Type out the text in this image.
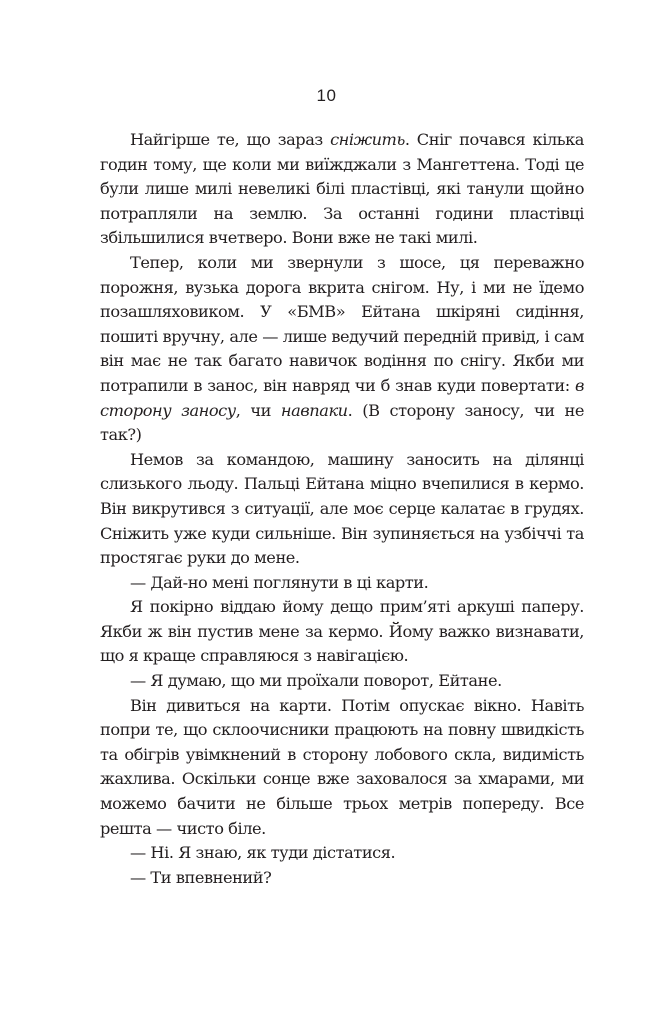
10

Найгірше те, що зараз сніжить. Сніг почався кілька годин тому, ще коли ми виїжджали з Мангеттена. Тоді це були лише милі невеликі білі пластівці, які танули щойно потрапляли на землю. За останні години пластівці збільшилися вчетверо. Вони вже не такі милі.

Тепер, коли ми звернули з шосе, ця переважно порожня, вузька дорога вкрита снігом. Ну, і ми не їдемо позашляховиком. У «БМВ» Ейтана шкіряні сидіння, пошиті вручну, але — лише ведучий передній привід, і сам він має не так багато навичок водіння по снігу. Якби ми потрапили в занос, він навряд чи б знав куди повертати: в сторону заносу, чи навпаки. (В сторону заносу, чи не так?)

Немов за командою, машину заносить на ділянці слизького льоду. Пальці Ейтана міцно вчепилися в кермо. Він викрутився з ситуації, але моє серце калатає в грудях. Сніжить уже куди сильніше. Він зупиняється на узбіччі та простягає руки до мене.

— Дай-но мені поглянути в ці карти.

Я покірно віддаю йому дещо прим’яті аркуші паперу. Якби ж він пустив мене за кермо. Йому важко визнавати, що я краще справляюся з навігацією.

— Я думаю, що ми проїхали поворот, Ейтане.

Він дивиться на карти. Потім опускає вікно. Навіть попри те, що склоочисники працюють на повну швидкість та обігрів увімкнений в сторону лобового скла, видимість жахлива. Оскільки сонце вже заховалося за хмарами, ми можемо бачити не більше трьох метрів попереду. Все решта — чисто біле.

— Ні. Я знаю, як туди дістатися.

— Ти впевнений?
